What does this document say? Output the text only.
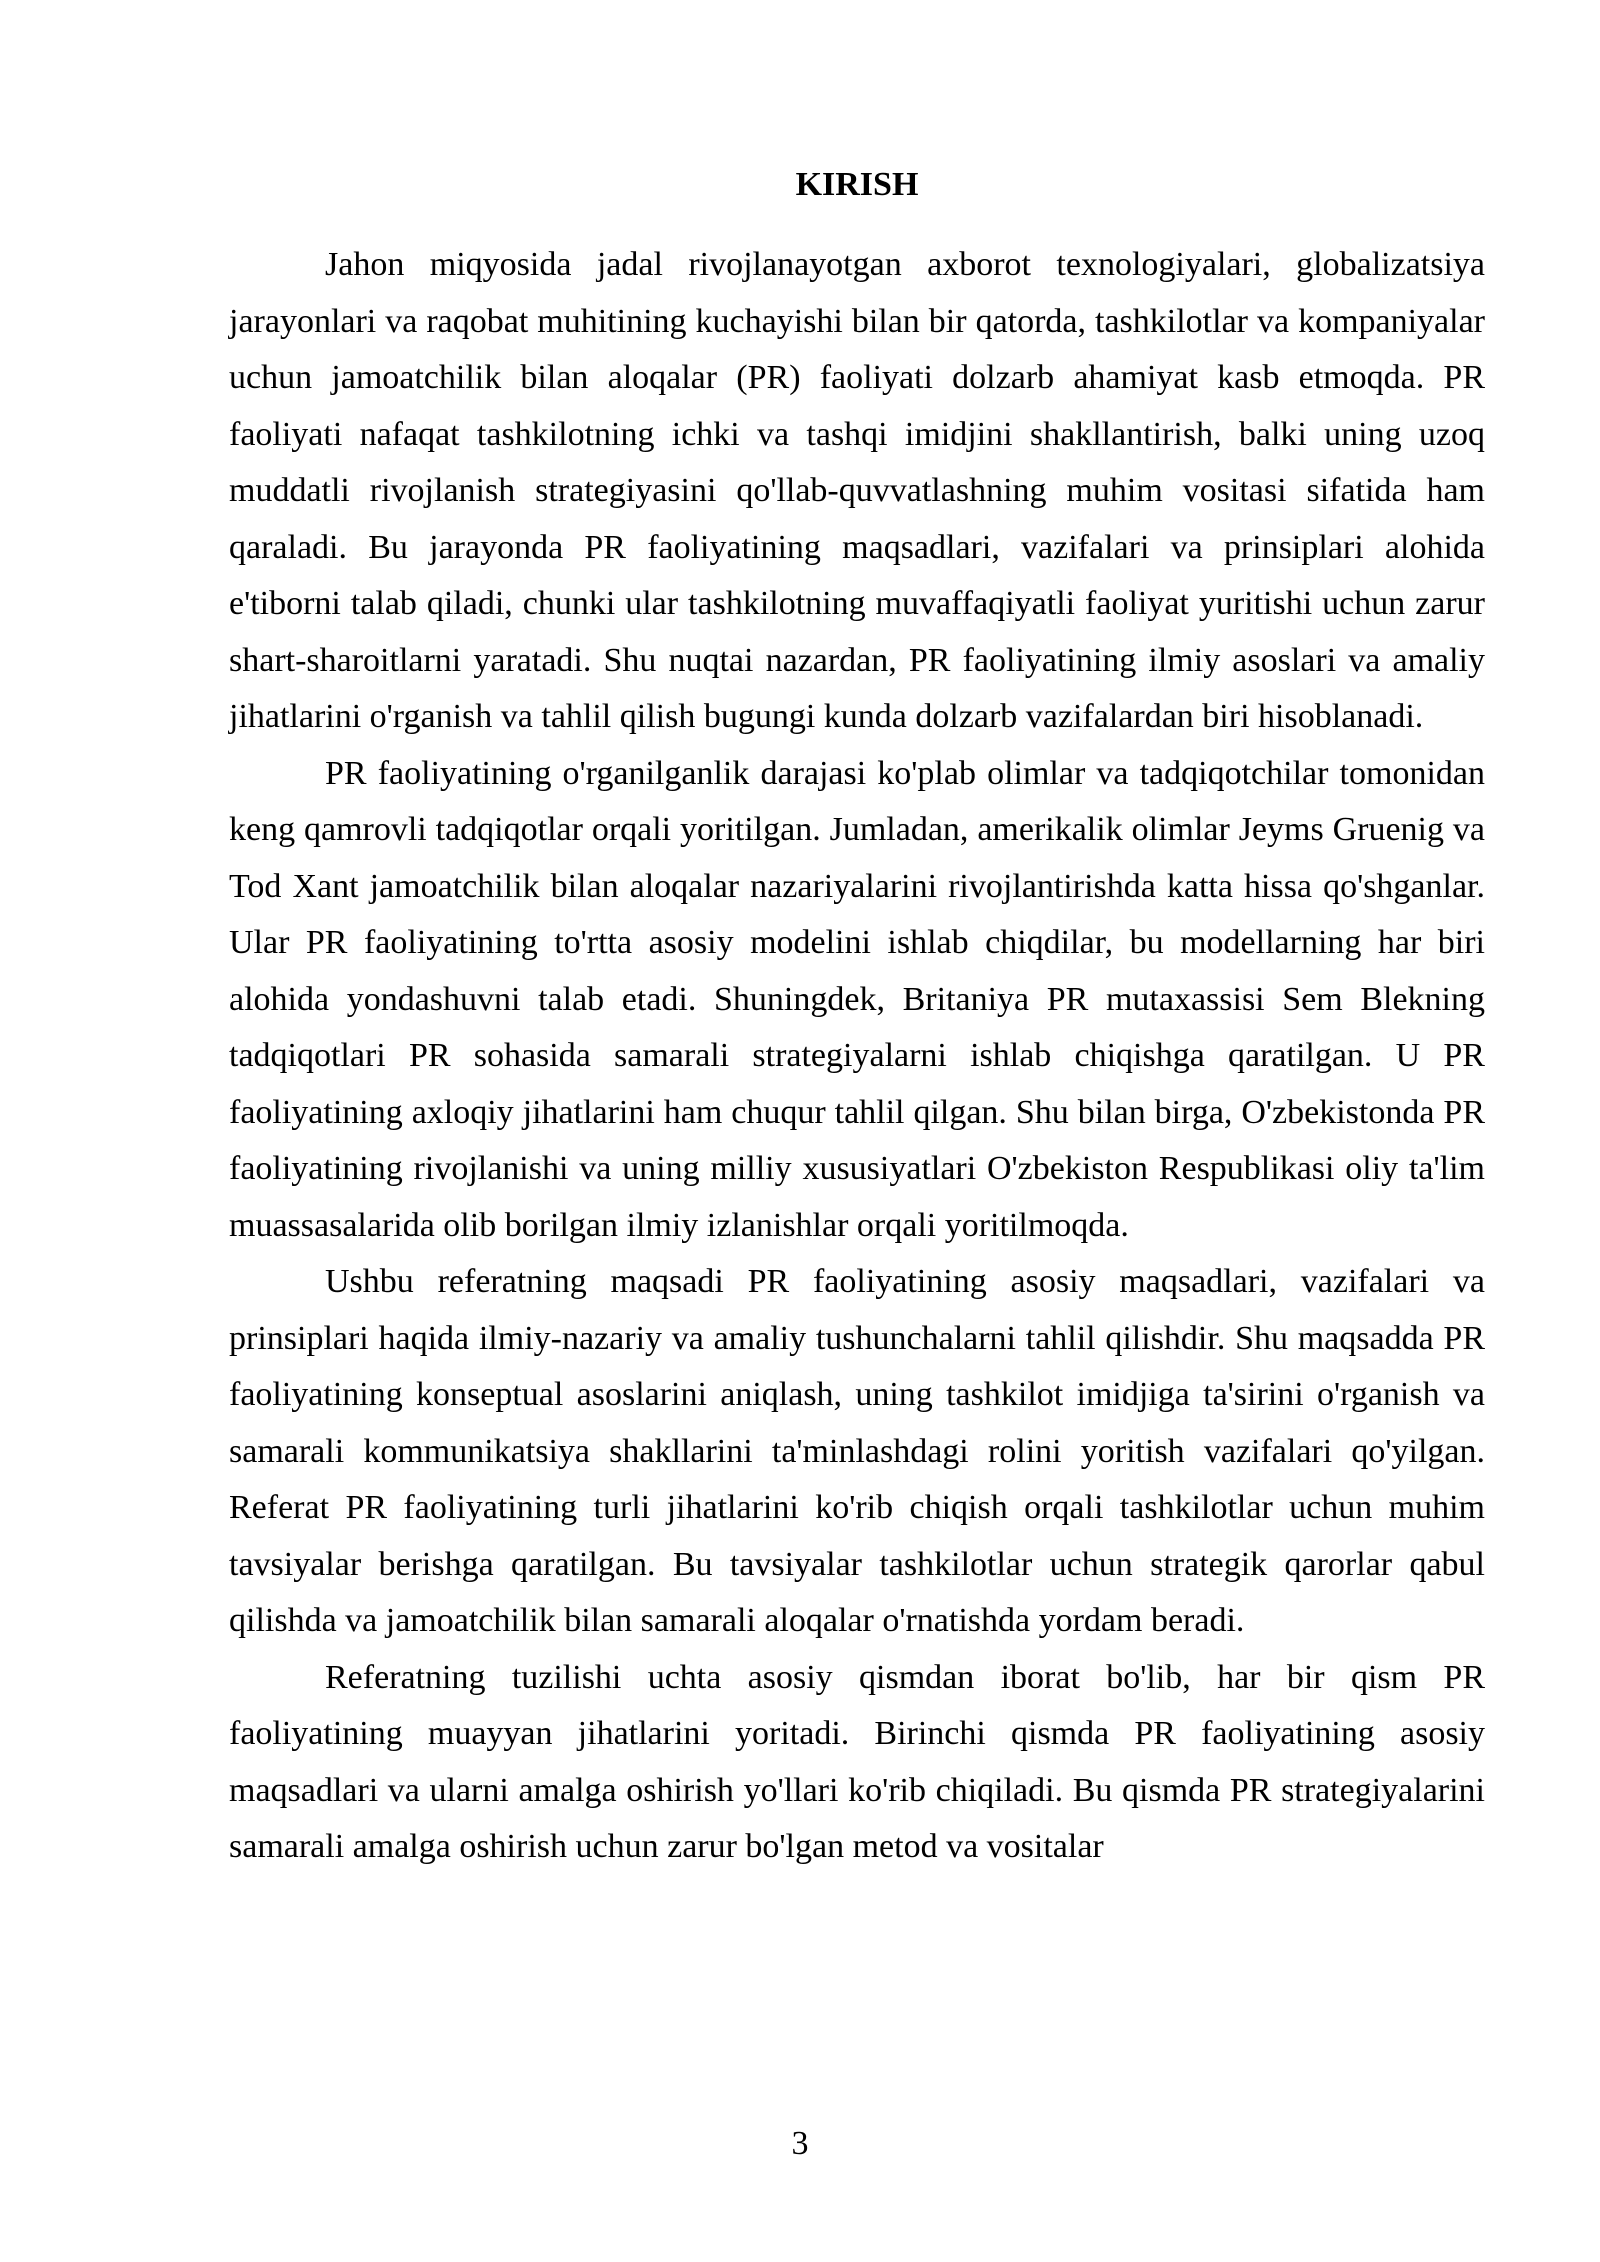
KIRISH

Jahon miqyosida jadal rivojlanayotgan axborot texnologiyalari, globalizatsiya jarayonlari va raqobat muhitining kuchayishi bilan bir qatorda, tashkilotlar va kompaniyalar uchun jamoatchilik bilan aloqalar (PR) faoliyati dolzarb ahamiyat kasb etmoqda. PR faoliyati nafaqat tashkilotning ichki va tashqi imidjini shakllantirish, balki uning uzoq muddatli rivojlanish strategiyasini qo'llab-quvvatlashning muhim vositasi sifatida ham qaraladi. Bu jarayonda PR faoliyatining maqsadlari, vazifalari va prinsiplari alohida e'tiborni talab qiladi, chunki ular tashkilotning muvaffaqiyatli faoliyat yuritishi uchun zarur shart-sharoitlarni yaratadi. Shu nuqtai nazardan, PR faoliyatining ilmiy asoslari va amaliy jihatlarini o'rganish va tahlil qilish bugungi kunda dolzarb vazifalardan biri hisoblanadi.

PR faoliyatining o'rganilganlik darajasi ko'plab olimlar va tadqiqotchilar tomonidan keng qamrovli tadqiqotlar orqali yoritilgan. Jumladan, amerikalik olimlar Jeyms Gruenig va Tod Xant jamoatchilik bilan aloqalar nazariyalarini rivojlantirishda katta hissa qo'shganlar. Ular PR faoliyatining to'rtta asosiy modelini ishlab chiqdilar, bu modellarning har biri alohida yondashuvni talab etadi. Shuningdek, Britaniya PR mutaxassisi Sem Blekning tadqiqotlari PR sohasida samarali strategiyalarni ishlab chiqishga qaratilgan. U PR faoliyatining axloqiy jihatlarini ham chuqur tahlil qilgan. Shu bilan birga, O'zbekistonda PR faoliyatining rivojlanishi va uning milliy xususiyatlari O'zbekiston Respublikasi oliy ta'lim muassasalarida olib borilgan ilmiy izlanishlar orqali yoritilmoqda.

Ushbu referatning maqsadi PR faoliyatining asosiy maqsadlari, vazifalari va prinsiplari haqida ilmiy-nazariy va amaliy tushunchalarni tahlil qilishdir. Shu maqsadda PR faoliyatining konseptual asoslarini aniqlash, uning tashkilot imidjiga ta'sirini o'rganish va samarali kommunikatsiya shakllarini ta'minlashdagi rolini yoritish vazifalari qo'yilgan. Referat PR faoliyatining turli jihatlarini ko'rib chiqish orqali tashkilotlar uchun muhim tavsiyalar berishga qaratilgan. Bu tavsiyalar tashkilotlar uchun strategik qarorlar qabul qilishda va jamoatchilik bilan samarali aloqalar o'rnatishda yordam beradi.

Referatning tuzilishi uchta asosiy qismdan iborat bo'lib, har bir qism PR faoliyatining muayyan jihatlarini yoritadi. Birinchi qismda PR faoliyatining asosiy maqsadlari va ularni amalga oshirish yo'llari ko'rib chiqiladi. Bu qismda PR strategiyalarini samarali amalga oshirish uchun zarur bo'lgan metod va vositalar

3
